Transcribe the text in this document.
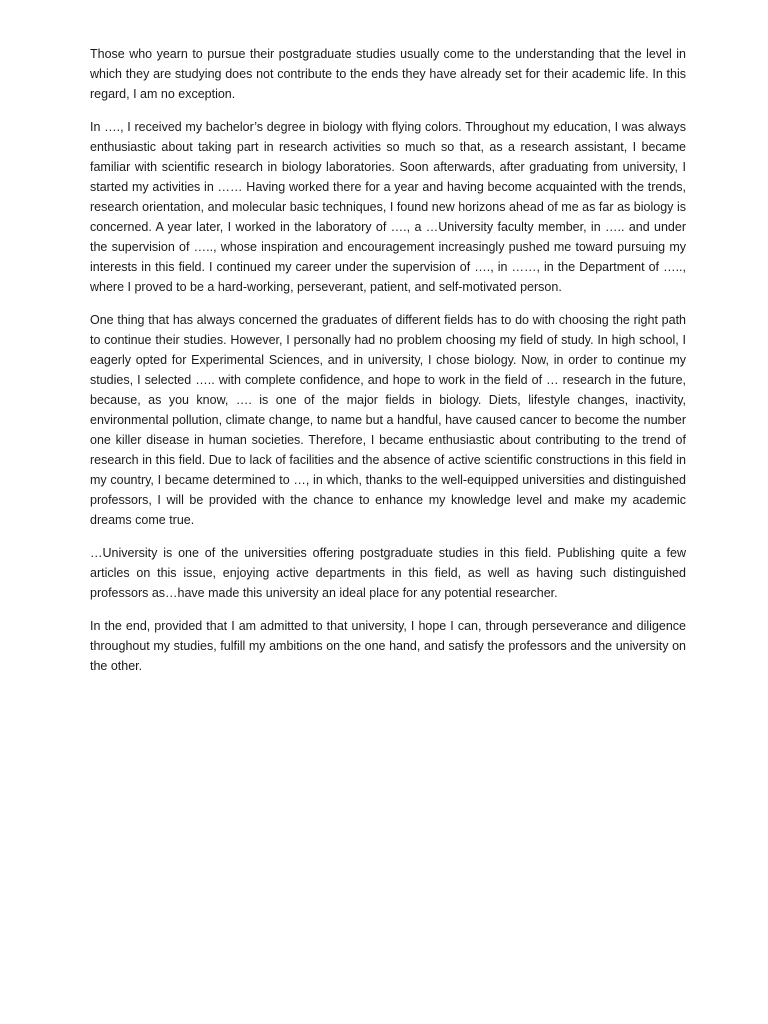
Those who yearn to pursue their postgraduate studies usually come to the understanding that the level in which they are studying does not contribute to the ends they have already set for their academic life. In this regard, I am no exception.

In …., I received my bachelor’s degree in biology with flying colors. Throughout my education, I was always enthusiastic about taking part in research activities so much so that, as a research assistant, I became familiar with scientific research in biology laboratories. Soon afterwards, after graduating from university, I started my activities in …… Having worked there for a year and having become acquainted with the trends, research orientation, and molecular basic techniques, I found new horizons ahead of me as far as biology is concerned. A year later, I worked in the laboratory of …., a …University faculty member, in ….. and under the supervision of ….., whose inspiration and encouragement increasingly pushed me toward pursuing my interests in this field. I continued my career under the supervision of …., in ……, in the Department of ….., where I proved to be a hard-working, perseverant, patient, and self-motivated person.

One thing that has always concerned the graduates of different fields has to do with choosing the right path to continue their studies. However, I personally had no problem choosing my field of study. In high school, I eagerly opted for Experimental Sciences, and in university, I chose biology. Now, in order to continue my studies, I selected ….. with complete confidence, and hope to work in the field of … research in the future, because, as you know, …. is one of the major fields in biology. Diets, lifestyle changes, inactivity, environmental pollution, climate change, to name but a handful, have caused cancer to become the number one killer disease in human societies. Therefore, I became enthusiastic about contributing to the trend of research in this field. Due to lack of facilities and the absence of active scientific constructions in this field in my country, I became determined to …, in which, thanks to the well-equipped universities and distinguished professors, I will be provided with the chance to enhance my knowledge level and make my academic dreams come true.

…University is one of the universities offering postgraduate studies in this field. Publishing quite a few articles on this issue, enjoying active departments in this field, as well as having such distinguished professors as…have made this university an ideal place for any potential researcher.

In the end, provided that I am admitted to that university, I hope I can, through perseverance and diligence throughout my studies, fulfill my ambitions on the one hand, and satisfy the professors and the university on the other.
